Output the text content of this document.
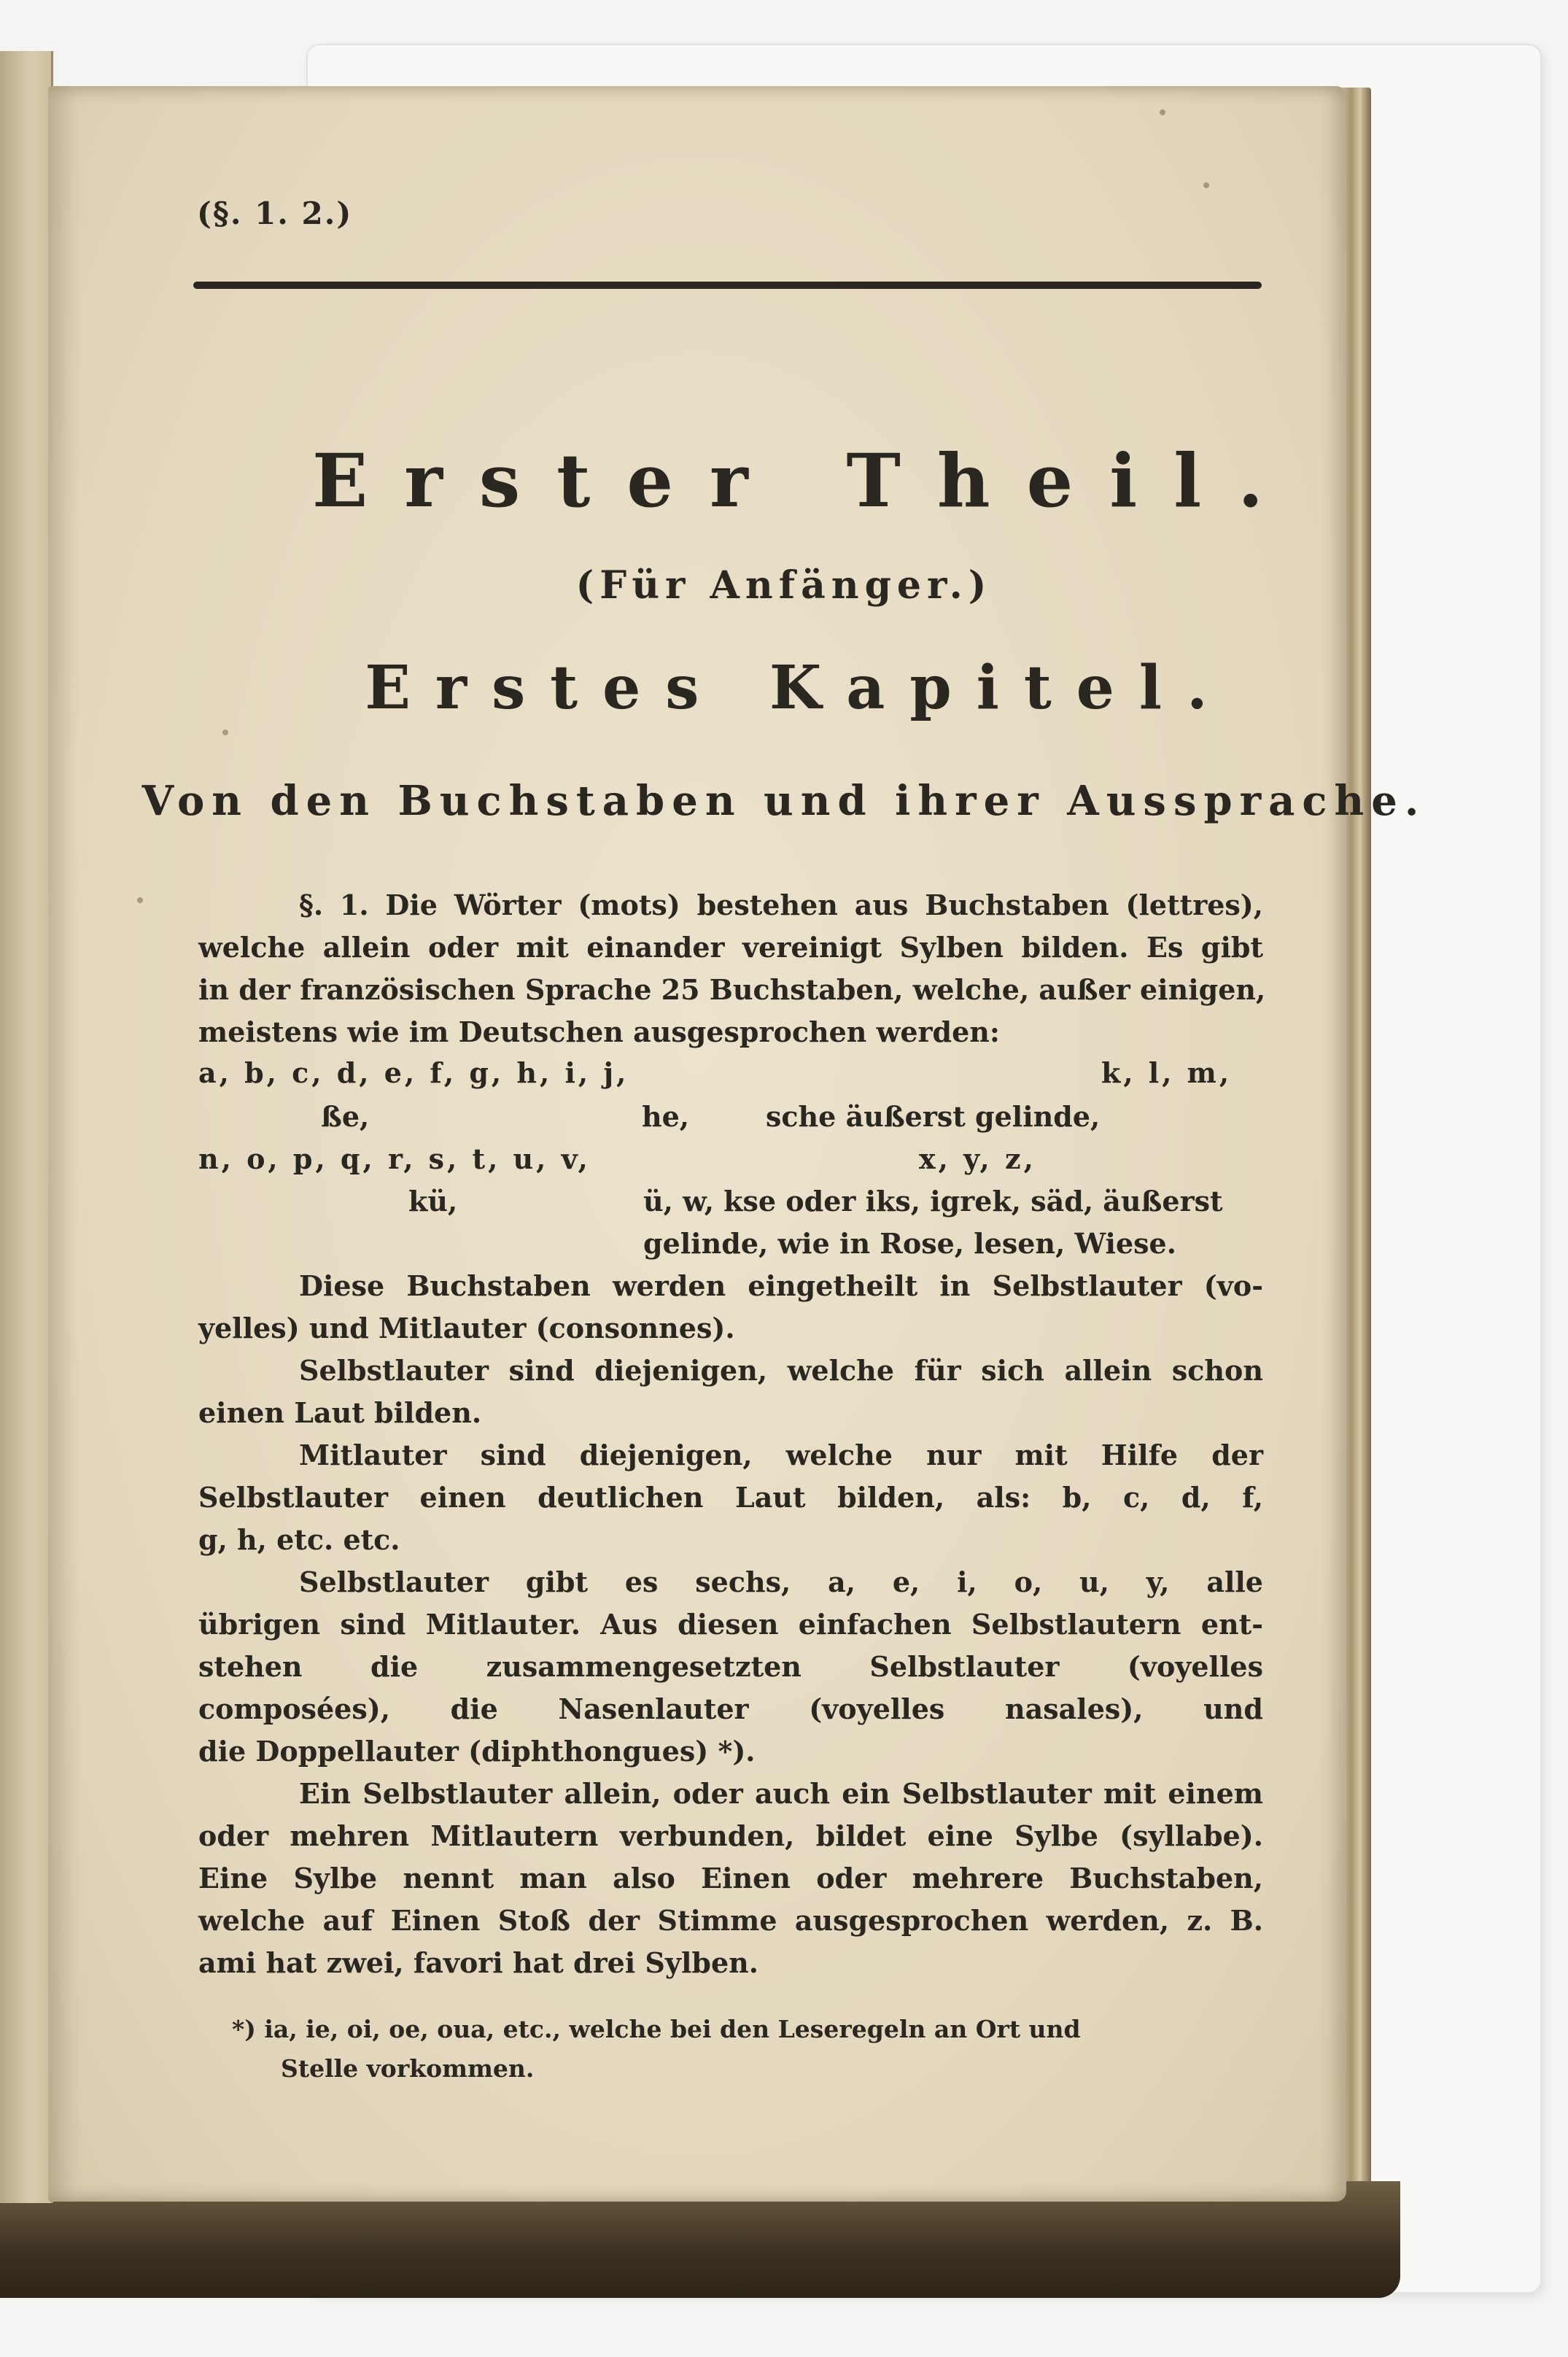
(§. 1. 2.)
Erster Theil.
(Für Anfänger.)
Erstes Kapitel.
Von den Buchstaben und ihrer Aussprache.
§. 1. Die Wörter (mots) bestehen aus Buchstaben (lettres),
welche allein oder mit einander vereinigt Sylben bilden. Es gibt
in der französischen Sprache 25 Buchstaben, welche, außer einigen,
meistens wie im Deutschen ausgesprochen werden:
a, b, c, d, e, f, g, h, i, j,	k, l, m,
ße,	he,	sche äußerst gelinde,
n, o, p, q, r, s, t, u, v,	x, y, z,
kü,	ü, w, kse oder iks, igrek, säd, äußerst
gelinde, wie in Rose, lesen, Wiese.
Diese Buchstaben werden eingetheilt in Selbstlauter (vo-
yelles) und Mitlauter (consonnes).
Selbstlauter sind diejenigen, welche für sich allein schon
einen Laut bilden.
Mitlauter sind diejenigen, welche nur mit Hilfe der
Selbstlauter einen deutlichen Laut bilden, als: b, c, d, f,
g, h, etc. etc.
Selbstlauter gibt es sechs, a, e, i, o, u, y, alle
übrigen sind Mitlauter. Aus diesen einfachen Selbstlautern ent-
stehen die zusammengesetzten Selbstlauter (voyelles
composées), die Nasenlauter (voyelles nasales), und
die Doppellauter (diphthongues) *).
Ein Selbstlauter allein, oder auch ein Selbstlauter mit einem
oder mehren Mitlautern verbunden, bildet eine Sylbe (syllabe).
Eine Sylbe nennt man also Einen oder mehrere Buchstaben,
welche auf Einen Stoß der Stimme ausgesprochen werden, z. B.
ami hat zwei, favori hat drei Sylben.
*) ia, ie, oi, oe, oua, etc., welche bei den Leseregeln an Ort und
Stelle vorkommen.
